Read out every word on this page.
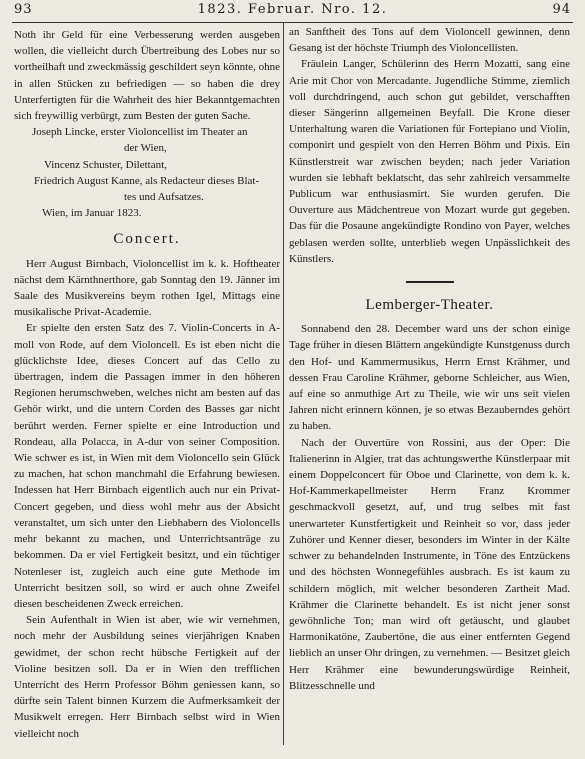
93	1823. Februar. Nro. 12.	94

Noth ihr Geld für eine Verbesserung werden ausgeben wollen, die vielleicht durch Übertreibung des Lobes nur so vortheilhaft und zweckmässig geschildert seyn könnte, ohne in allen Stücken zu befriedigen — so haben die drey Unterfertigten für die Wahrheit des hier Bekanntgemachten sich freywillig verbürgt, zum Besten der guten Sache.

Joseph Lincke, erster Violoncellist im Theater an

der Wien,

Vincenz Schuster, Dilettant,

Friedrich August Kanne, als Redacteur dieses Blat-

tes und Aufsatzes.

Wien, im Januar 1823.

Concert.

Herr August Birnbach, Violoncellist im k. k. Hoftheater nächst dem Kärnthnerthore, gab Sonntag den 19. Jänner im Saale des Musikvereins beym rothen Igel, Mittags eine musikalische Privat-Academie.

Er spielte den ersten Satz des 7. Violin-Concerts in A-moll von Rode, auf dem Violoncell. Es ist eben nicht die glücklichste Idee, dieses Concert auf das Cello zu übertragen, indem die Passagen immer in den höheren Regionen herumschweben, welches nicht am besten auf das Gehör wirkt, und die untern Corden des Basses gar nicht berührt werden. Ferner spielte er eine Introduction und Rondeau, alla Polacca, in A-dur von seiner Composition. Wie schwer es ist, in Wien mit dem Violoncello sein Glück zu machen, hat schon manchmahl die Erfahrung bewiesen. Indessen hat Herr Birnbach eigentlich auch nur ein Privat-Concert gegeben, und diess wohl mehr aus der Absicht veranstaltet, um sich unter den Liebhabern des Violoncells mehr bekannt zu machen, und Unterrichtsanträge zu bekommen. Da er viel Fertigkeit besitzt, und ein tüchtiger Notenleser ist, zugleich auch eine gute Methode im Unterricht besitzen soll, so wird er auch ohne Zweifel diesen bescheidenen Zweck erreichen.

Sein Aufenthalt in Wien ist aber, wie wir vernehmen, noch mehr der Ausbildung seines vierjährigen Knaben gewidmet, der schon recht hübsche Fertigkeit auf der Violine besitzen soll. Da er in Wien den trefflichen Unterricht des Herrn Professor Böhm geniessen kann, so dürfte sein Talent binnen Kurzem die Aufmerksamkeit der Musikwelt erregen. Herr Birnbach selbst wird in Wien vielleicht noch

an Sanftheit des Tons auf dem Violoncell gewinnen, denn Gesang ist der höchste Triumph des Violoncellisten.

Fräulein Langer, Schülerinn des Herrn Mozatti, sang eine Arie mit Chor von Mercadante. Jugendliche Stimme, ziemlich voll durchdringend, auch schon gut gebildet, verschafften dieser Sängerinn allgemeinen Beyfall. Die Krone dieser Unterhaltung waren die Variationen für Fortepiano und Violin, componirt und gespielt von den Herren Böhm und Pixis. Ein Künstlerstreit war zwischen beyden; nach jeder Variation wurden sie lebhaft beklatscht, das sehr zahlreich versammelte Publicum war enthusiasmirt. Sie wurden gerufen. Die Ouverture aus Mädchentreue von Mozart wurde gut gegeben. Das für die Posaune angekündigte Rondino von Payer, welches geblasen werden sollte, unterblieb wegen Unpässlichkeit des Künstlers.

Lemberger-Theater.

Sonnabend den 28. December ward uns der schon einige Tage früher in diesen Blättern angekündigte Kunstgenuss durch den Hof- und Kammermusikus, Herrn Ernst Krähmer, und dessen Frau Caroline Krähmer, geborne Schleicher, aus Wien, auf eine so anmuthige Art zu Theile, wie wir uns seit vielen Jahren nicht erinnern können, je so etwas Bezauberndes gehört zu haben.

Nach der Ouvertüre von Rossini, aus der Oper: Die Italienerinn in Algier, trat das achtungswerthe Künstlerpaar mit einem Doppelconcert für Oboe und Clarinette, von dem k. k. Hof-Kammerkapellmeister Herrn Franz Krommer geschmackvoll gesetzt, auf, und trug selbes mit fast unerwarteter Kunstfertigkeit und Reinheit so vor, dass jeder Zuhörer und Kenner dieser, besonders im Winter in der Kälte schwer zu behandelnden Instrumente, in Töne des Entzückens und des höchsten Wonnegefühles ausbrach. Es ist kaum zu schildern möglich, mit welcher besonderen Zartheit Mad. Krähmer die Clarinette behandelt. Es ist nicht jener sonst gewöhnliche Ton; man wird oft getäuscht, und glaubet Harmonikatöne, Zaubertöne, die aus einer entfernten Gegend lieblich an unser Ohr dringen, zu vernehmen. — Besitzet gleich Herr Krähmer eine bewunderungswürdige Reinheit, Blitzesschnelle und
